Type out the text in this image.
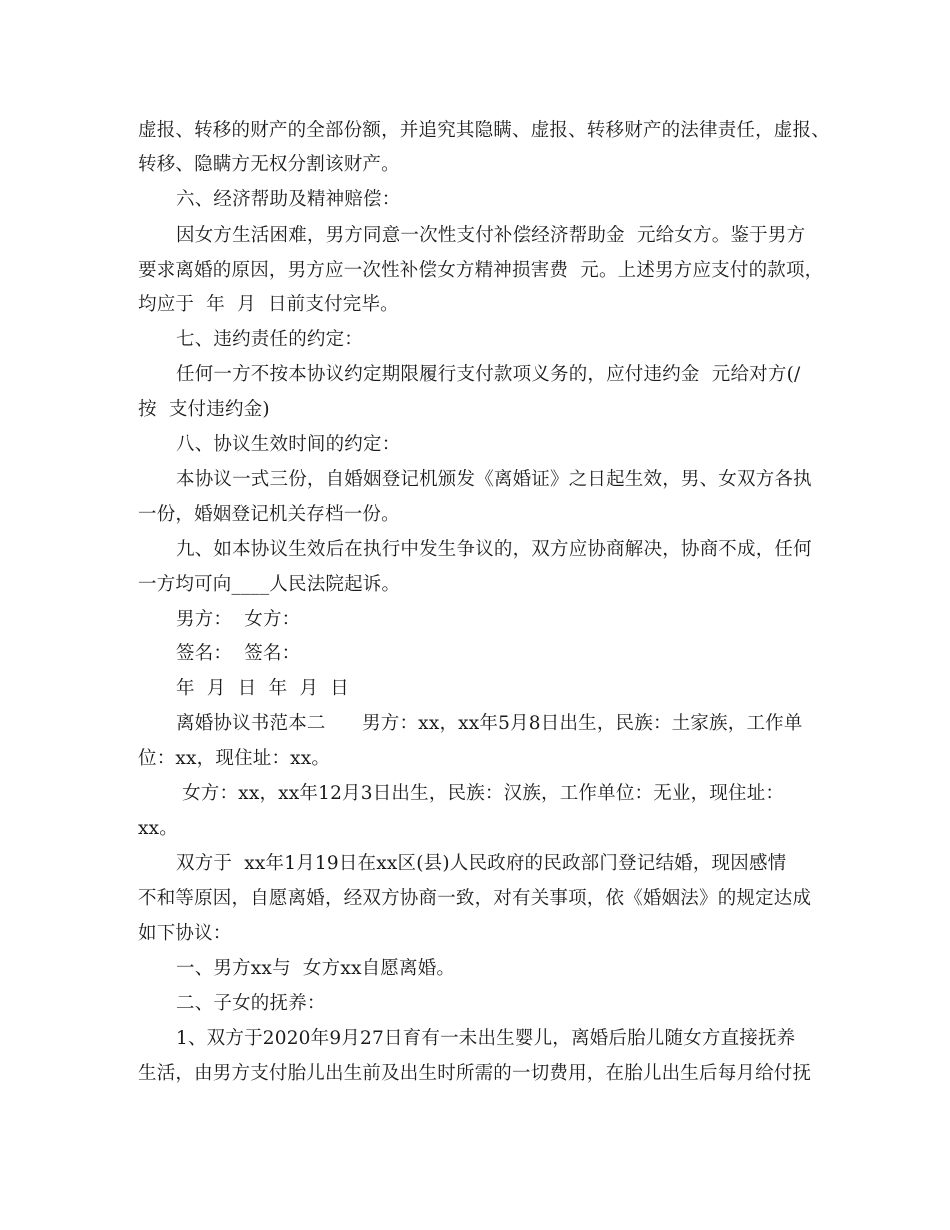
虚报、转移的财产的全部份额，并追究其隐瞒、虚报、转移财产的法律责任，虚报、
转移、隐瞒方无权分割该财产。
六、经济帮助及精神赔偿：
因女方生活困难，男方同意一次性支付补偿经济帮助金  元给女方。鉴于男方
要求离婚的原因，男方应一次性补偿女方精神损害费  元。上述男方应支付的款项，
均应于  年  月  日前支付完毕。
七、违约责任的约定：
任何一方不按本协议约定期限履行支付款项义务的，应付违约金  元给对方(/
按  支付违约金)
八、协议生效时间的约定：
本协议一式三份，自婚姻登记机颁发《离婚证》之日起生效，男、女双方各执
一份，婚姻登记机关存档一份。
九、如本协议生效后在执行中发生争议的，双方应协商解决，协商不成，任何
一方均可向____人民法院起诉。
男方：  女方：
签名：  签名：
年  月  日  年  月  日
离婚协议书范本二      男方：xx，xx年5月8日出生，民族：土家族，工作单
位：xx，现住址：xx。
女方：xx，xx年12月3日出生，民族：汉族，工作单位：无业，现住址：
xx。
双方于  xx年1月19日在xx区(县)人民政府的民政部门登记结婚，现因感情
不和等原因，自愿离婚，经双方协商一致，对有关事项，依《婚姻法》的规定达成
如下协议：
一、男方xx与  女方xx自愿离婚。
二、子女的抚养：
1、双方于2020年9月27日育有一未出生婴儿，离婚后胎儿随女方直接抚养
生活，由男方支付胎儿出生前及出生时所需的一切费用，在胎儿出生后每月给付抚
